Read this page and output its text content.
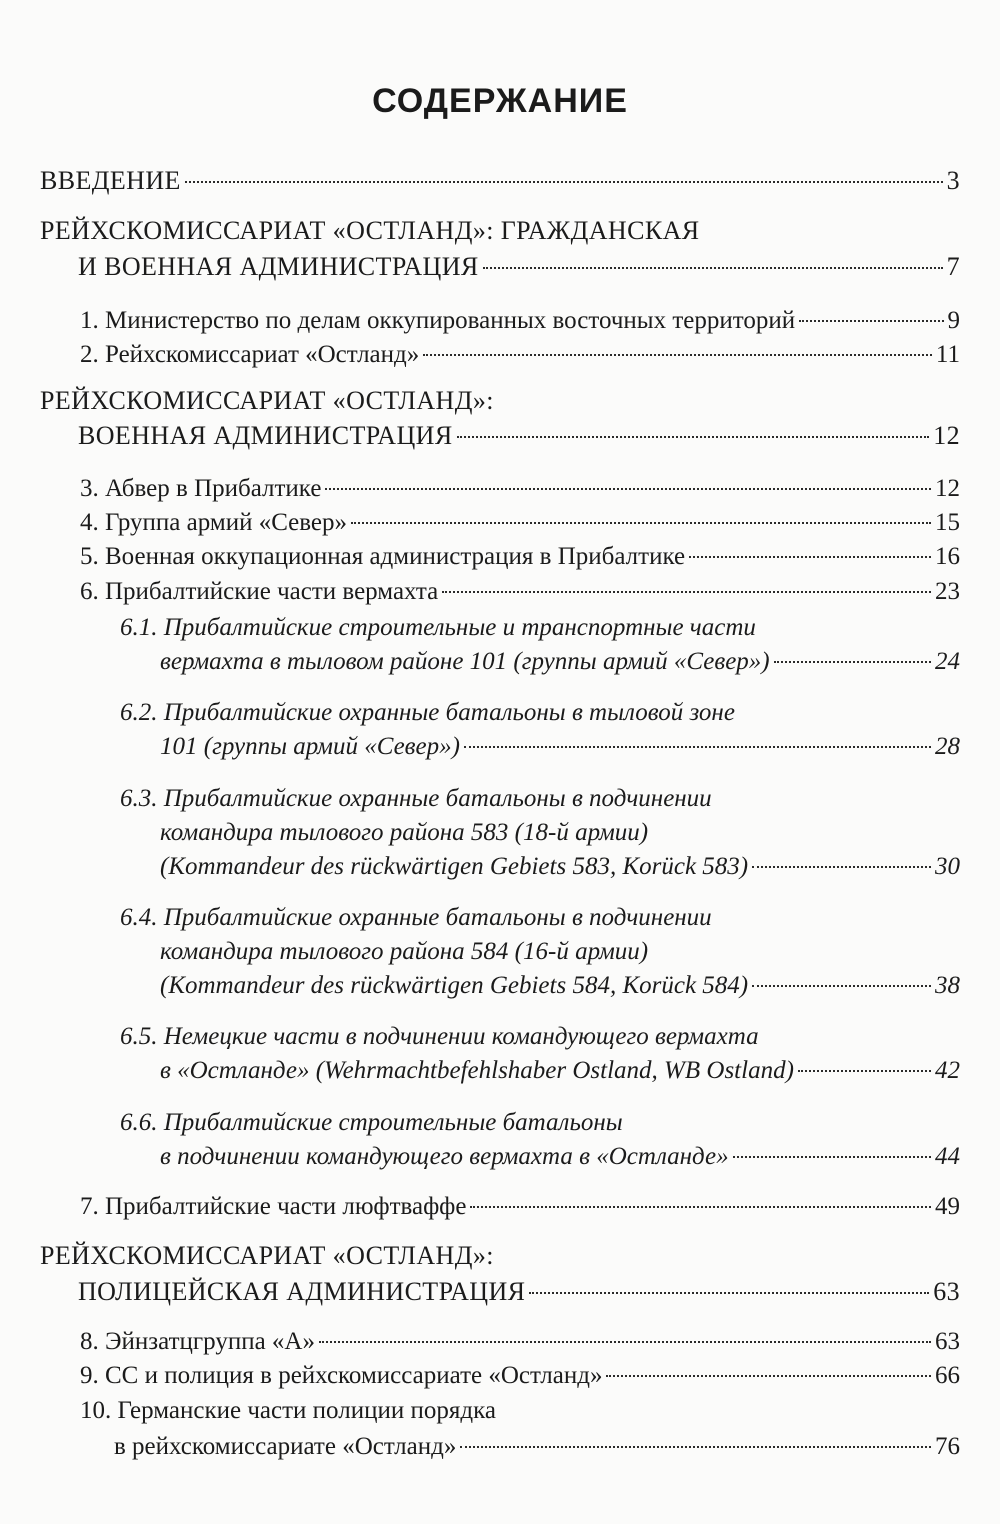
СОДЕРЖАНИЕ
ВВЕДЕНИЕ	3
РЕЙХСКОМИССАРИАТ «ОСТЛАНД»: ГРАЖДАНСКАЯ
И ВОЕННАЯ АДМИНИСТРАЦИЯ	7
1. Министерство по делам оккупированных восточных территорий	9
2. Рейхскомиссариат «Остланд»	11
РЕЙХСКОМИССАРИАТ «ОСТЛАНД»:
ВОЕННАЯ АДМИНИСТРАЦИЯ	12
3. Абвер в Прибалтике	12
4. Группа армий «Север»	15
5. Военная оккупационная администрация в Прибалтике	16
6. Прибалтийские части вермахта	23
6.1. Прибалтийские строительные и транспортные части
вермахта в тыловом районе 101 (группы армий «Север»)	24
6.2. Прибалтийские охранные батальоны в тыловой зоне
101 (группы армий «Север»)	28
6.3. Прибалтийские охранные батальоны в подчинении
командира тылового района 583 (18-й армии)
(Kommandeur des rückwärtigen Gebiets 583, Korück 583)	30
6.4. Прибалтийские охранные батальоны в подчинении
командира тылового района 584 (16-й армии)
(Kommandeur des rückwärtigen Gebiets 584, Korück 584)	38
6.5. Немецкие части в подчинении командующего вермахта
в «Остланде» (Wehrmachtbefehlshaber Ostland, WB Ostland)	42
6.6. Прибалтийские строительные батальоны
в подчинении командующего вермахта в «Остланде»	44
7. Прибалтийские части люфтваффе	49
РЕЙХСКОМИССАРИАТ «ОСТЛАНД»:
ПОЛИЦЕЙСКАЯ АДМИНИСТРАЦИЯ	63
8. Эйнзатцгруппа «А»	63
9. СС и полиция в рейхскомиссариате «Остланд»	66
10. Германские части полиции порядка
в рейхскомиссариате «Остланд»	76
